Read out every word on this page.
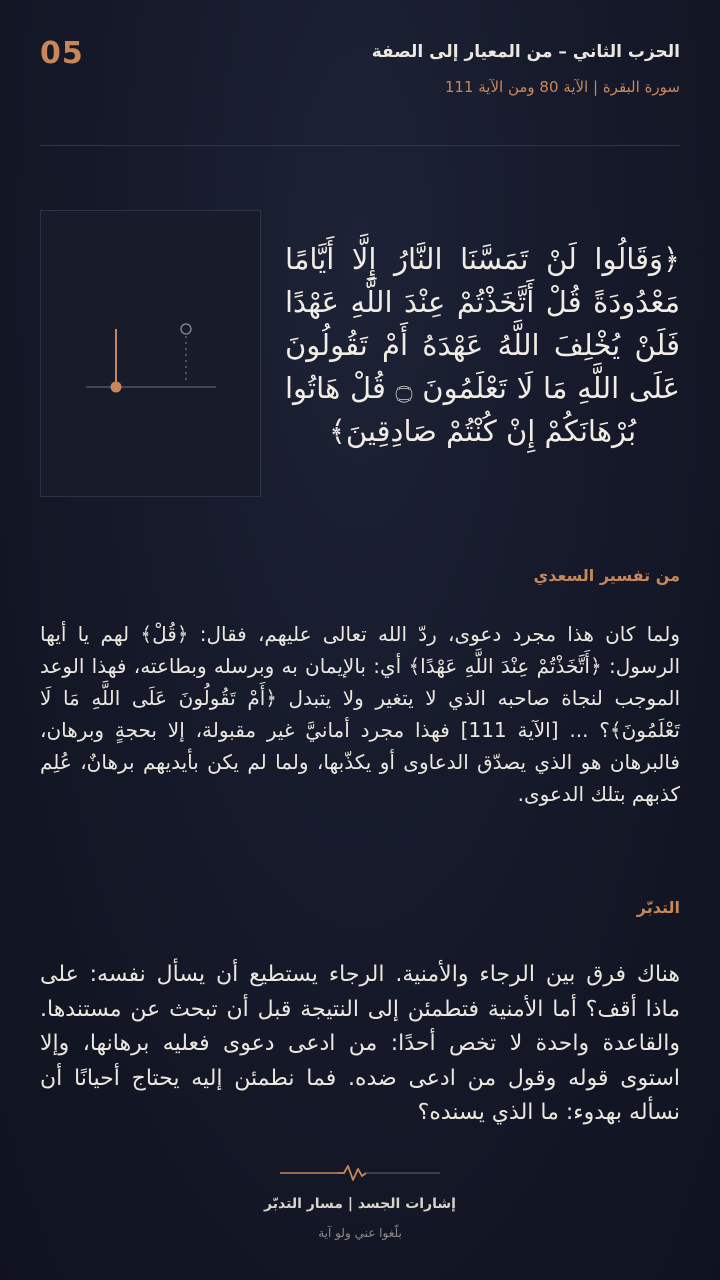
05	الحزب الثاني – من المعيار إلى الصفة
سورة البقرة | الآية 80 ومن الآية 111
﴿وَقَالُوا لَنْ تَمَسَّنَا النَّارُ إِلَّا أَيَّامًا مَعْدُودَةً قُلْ أَتَّخَذْتُمْ عِنْدَ اللَّهِ عَهْدًا فَلَنْ يُخْلِفَ اللَّهُ عَهْدَهُ أَمْ تَقُولُونَ عَلَى اللَّهِ مَا لَا تَعْلَمُونَ ۝ قُلْ هَاتُوا بُرْهَانَكُمْ إِنْ كُنْتُمْ صَادِقِينَ﴾
من تفسير السعدي
ولما كان هذا مجرد دعوى، ردّ الله تعالى عليهم، فقال: ﴿قُلْ﴾ لهم يا أيها الرسول: ﴿أَتَّخَذْتُمْ عِنْدَ اللَّهِ عَهْدًا﴾ أي: بالإيمان به وبرسله وبطاعته، فهذا الوعد الموجب لنجاة صاحبه الذي لا يتغير ولا يتبدل ﴿أَمْ تَقُولُونَ عَلَى اللَّهِ مَا لَا تَعْلَمُونَ﴾؟ ... [الآية 111] فهذا مجرد أمانيَّ غير مقبولة، إلا بحجةٍ وبرهان، فالبرهان هو الذي يصدّق الدعاوى أو يكذّبها، ولما لم يكن بأيديهم برهانٌ، عُلِم كذبهم بتلك الدعوى.
التدبّر
هناك فرق بين الرجاء والأمنية. الرجاء يستطيع أن يسأل نفسه: على ماذا أقف؟ أما الأمنية فتطمئن إلى النتيجة قبل أن تبحث عن مستندها. والقاعدة واحدة لا تخص أحدًا: من ادعى دعوى فعليه برهانها، وإلا استوى قوله وقول من ادعى ضده. فما نطمئن إليه يحتاج أحيانًا أن نسأله بهدوء: ما الذي يسنده؟
إشارات الجسد | مسار التدبّر
بلّغوا عني ولو آية
